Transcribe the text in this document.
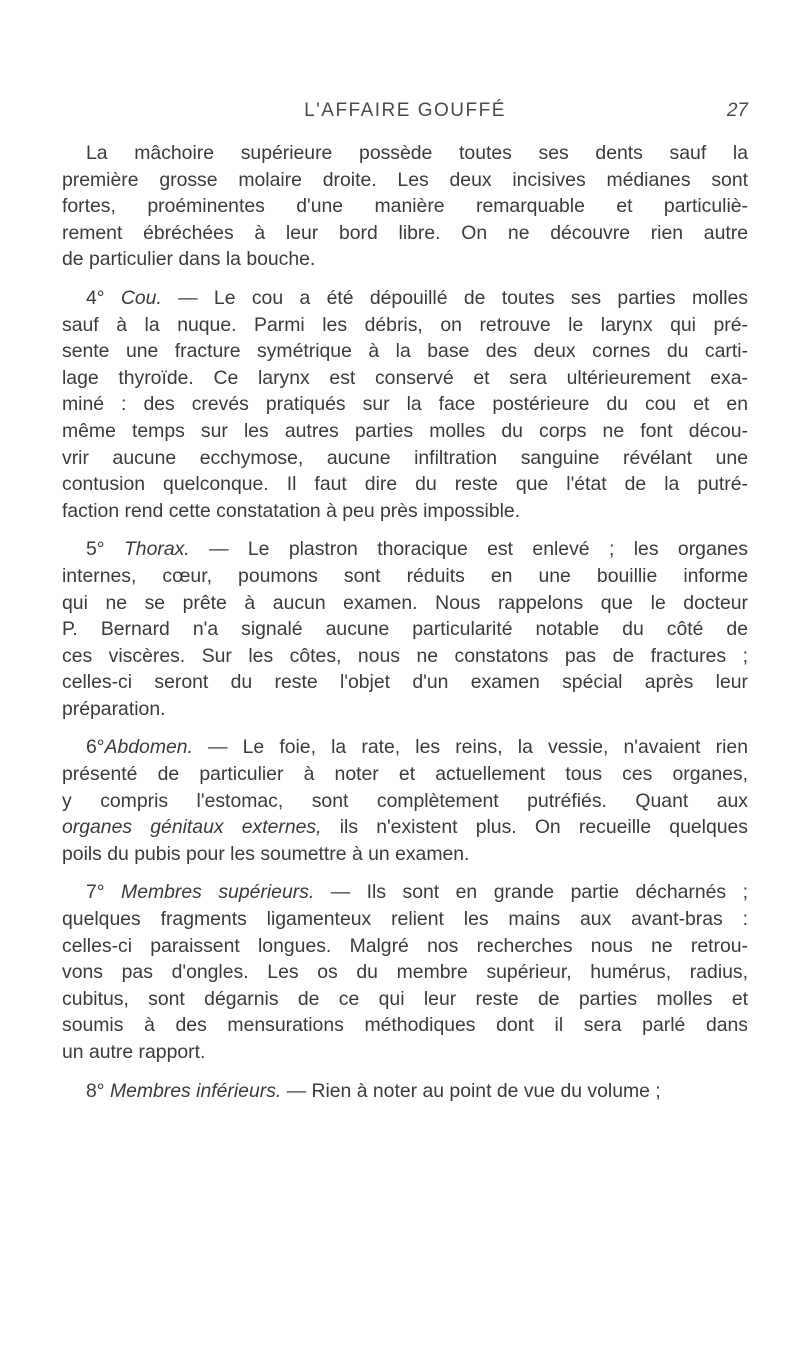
L'AFFAIRE GOUFFÉ	27

La mâchoire supérieure possède toutes ses dents sauf la
première grosse molaire droite. Les deux incisives médianes sont
fortes, proéminentes d'une manière remarquable et particuliè-
rement ébréchées à leur bord libre. On ne découvre rien autre
de particulier dans la bouche.

4° Cou. — Le cou a été dépouillé de toutes ses parties molles
sauf à la nuque. Parmi les débris, on retrouve le larynx qui pré-
sente une fracture symétrique à la base des deux cornes du carti-
lage thyroïde. Ce larynx est conservé et sera ultérieurement exa-
miné : des crevés pratiqués sur la face postérieure du cou et en
même temps sur les autres parties molles du corps ne font décou-
vrir aucune ecchymose, aucune infiltration sanguine révélant une
contusion quelconque. Il faut dire du reste que l'état de la putré-
faction rend cette constatation à peu près impossible.

5° Thorax. — Le plastron thoracique est enlevé ; les organes
internes, cœur, poumons sont réduits en une bouillie informe
qui ne se prête à aucun examen. Nous rappelons que le docteur
P. Bernard n'a signalé aucune particularité notable du côté de
ces viscères. Sur les côtes, nous ne constatons pas de fractures ;
celles-ci seront du reste l'objet d'un examen spécial après leur
préparation.

6°Abdomen. — Le foie, la rate, les reins, la vessie, n'avaient rien
présenté de particulier à noter et actuellement tous ces organes,
y compris l'estomac, sont complètement putréfiés. Quant aux
organes génitaux externes, ils n'existent plus. On recueille quelques
poils du pubis pour les soumettre à un examen.

7° Membres supérieurs. — Ils sont en grande partie décharnés ;
quelques fragments ligamenteux relient les mains aux avant-bras :
celles-ci paraissent longues. Malgré nos recherches nous ne retrou-
vons pas d'ongles. Les os du membre supérieur, humérus, radius,
cubitus, sont dégarnis de ce qui leur reste de parties molles et
soumis à des mensurations méthodiques dont il sera parlé dans
un autre rapport.

8° Membres inférieurs. — Rien à noter au point de vue du volume ;
